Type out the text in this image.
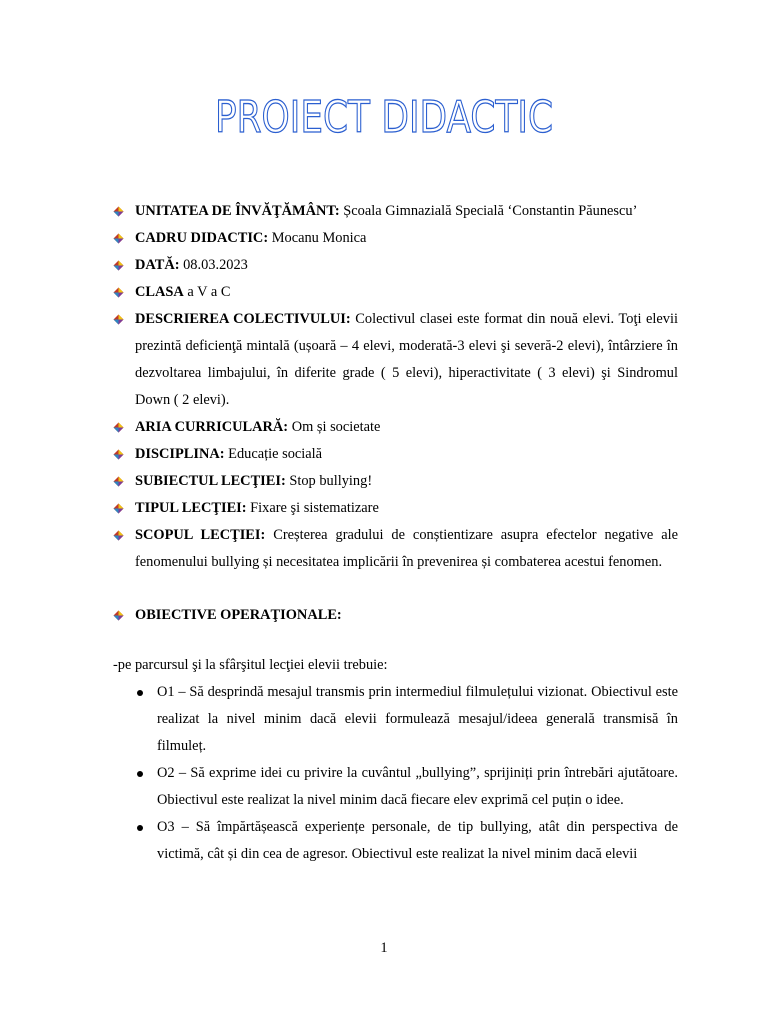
PROIECT DIDACTIC
UNITATEA DE ÎNVĂŢĂMÂNT: Școala Gimnazială Specială ‘Constantin Păunescu’
CADRU DIDACTIC: Mocanu Monica
DATĂ: 08.03.2023
CLASA a V a C
DESCRIEREA COLECTIVULUI: Colectivul clasei este format din nouă elevi. Toţi elevii prezintă deficienţă mintală (ușoară – 4 elevi, moderată-3 elevi şi severă-2 elevi), întârziere în dezvoltarea limbajului, în diferite grade ( 5 elevi), hiperactivitate ( 3 elevi) şi Sindromul Down ( 2 elevi).
ARIA CURRICULARĂ: Om și societate
DISCIPLINA: Educație socială
SUBIECTUL LECŢIEI: Stop bullying!
TIPUL LECŢIEI: Fixare şi sistematizare
SCOPUL LECŢIEI: Creșterea gradului de conștientizare asupra efectelor negative ale fenomenului bullying și necesitatea implicării în prevenirea și combaterea acestui fenomen.
OBIECTIVE OPERAŢIONALE:
-pe parcursul şi la sfârşitul lecţiei elevii trebuie:
O1 – Să desprindă mesajul transmis prin intermediul filmulețului vizionat. Obiectivul este realizat la nivel minim dacă elevii formulează mesajul/ideea generală transmisă în filmuleț.
O2 – Să exprime idei cu privire la cuvântul „bullying”, sprijiniți prin întrebări ajutătoare. Obiectivul este realizat la nivel minim dacă fiecare elev exprimă cel puțin o idee.
O3 – Să împărtășească experiențe personale, de tip bullying, atât din perspectiva de victimă, cât și din cea de agresor. Obiectivul este realizat la nivel minim dacă elevii
1
